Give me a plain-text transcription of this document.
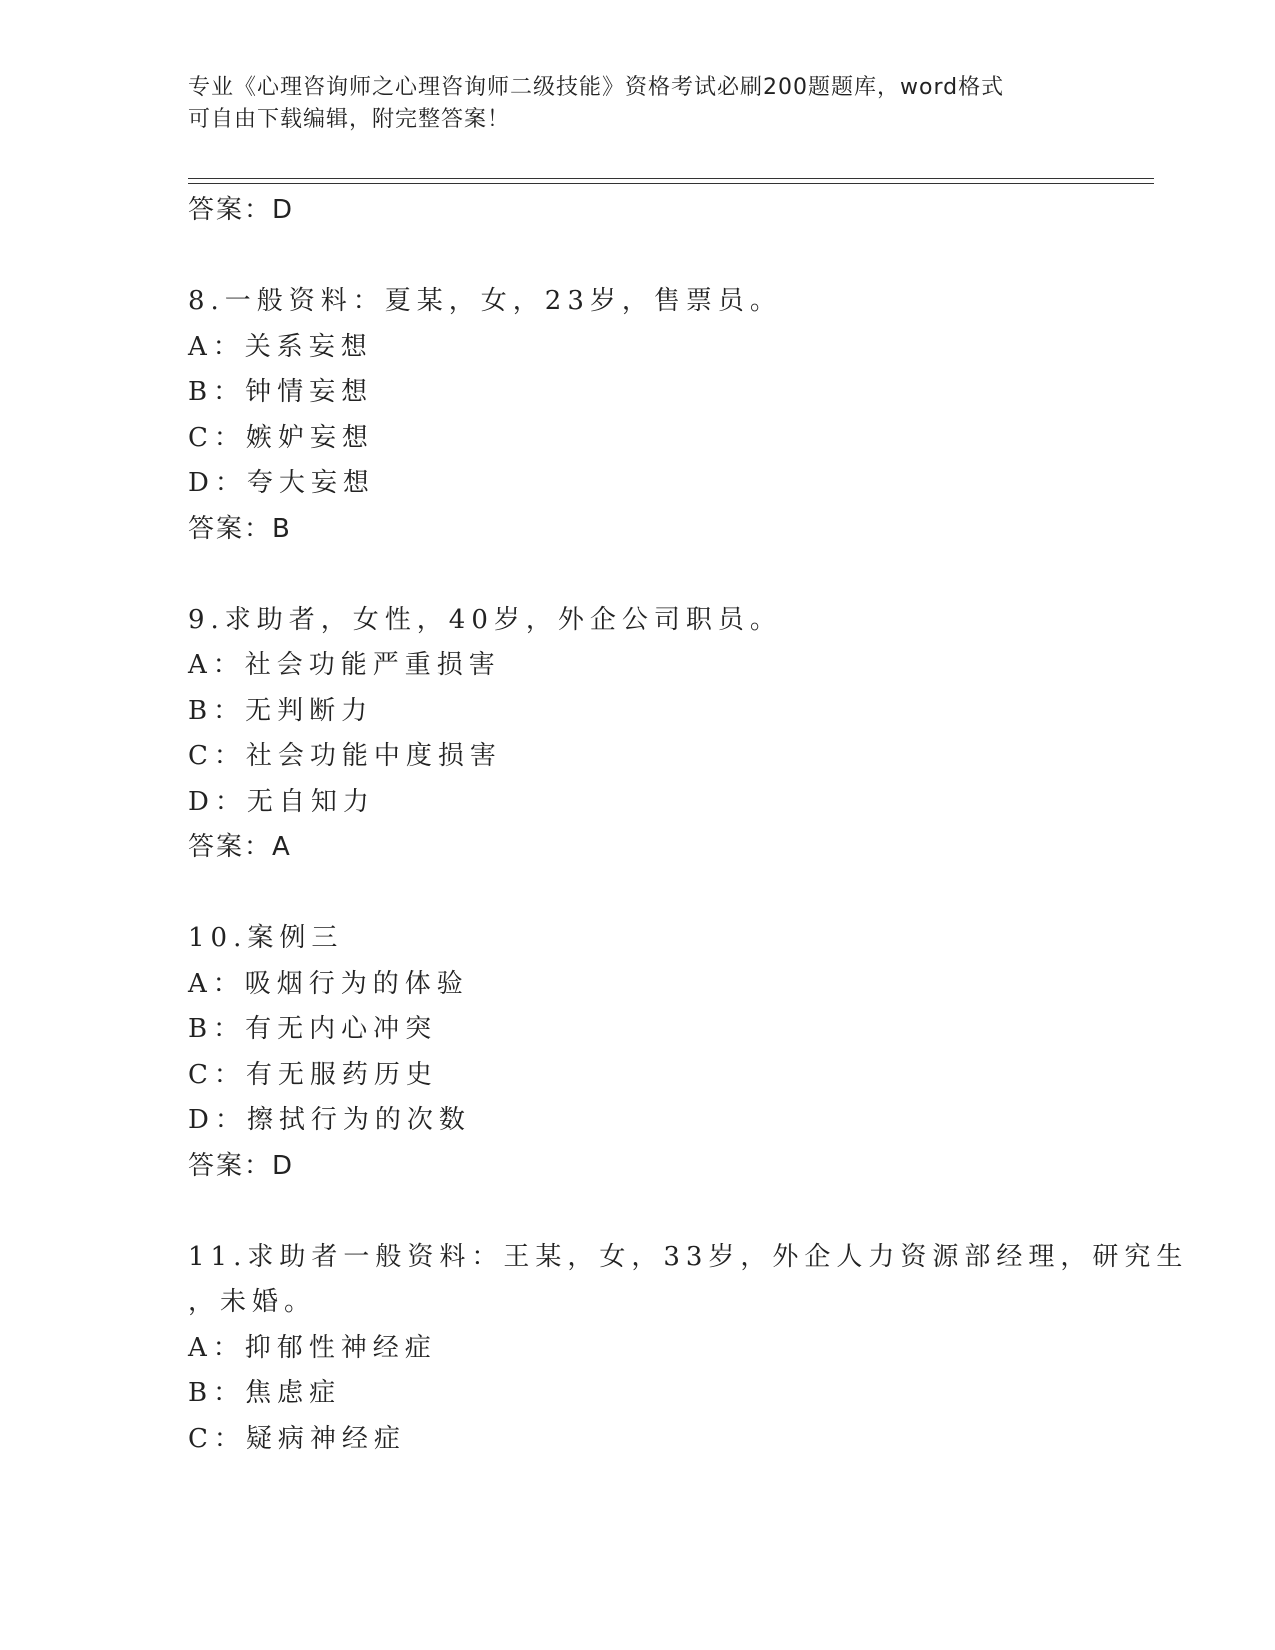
专业《心理咨询师之心理咨询师二级技能》资格考试必刷200题题库，word格式
可自由下载编辑，附完整答案！
答案：D
8.一般资料：夏某，女，23岁，售票员。
A：关系妄想
B：钟情妄想
C：嫉妒妄想
D：夸大妄想
答案：B
9.求助者，女性，40岁，外企公司职员。
A：社会功能严重损害
B：无判断力
C：社会功能中度损害
D：无自知力
答案：A
10.案例三
A：吸烟行为的体验
B：有无内心冲突
C：有无服药历史
D：擦拭行为的次数
答案：D
11.求助者一般资料：王某，女，33岁，外企人力资源部经理，研究生
，未婚。
A：抑郁性神经症
B：焦虑症
C：疑病神经症
